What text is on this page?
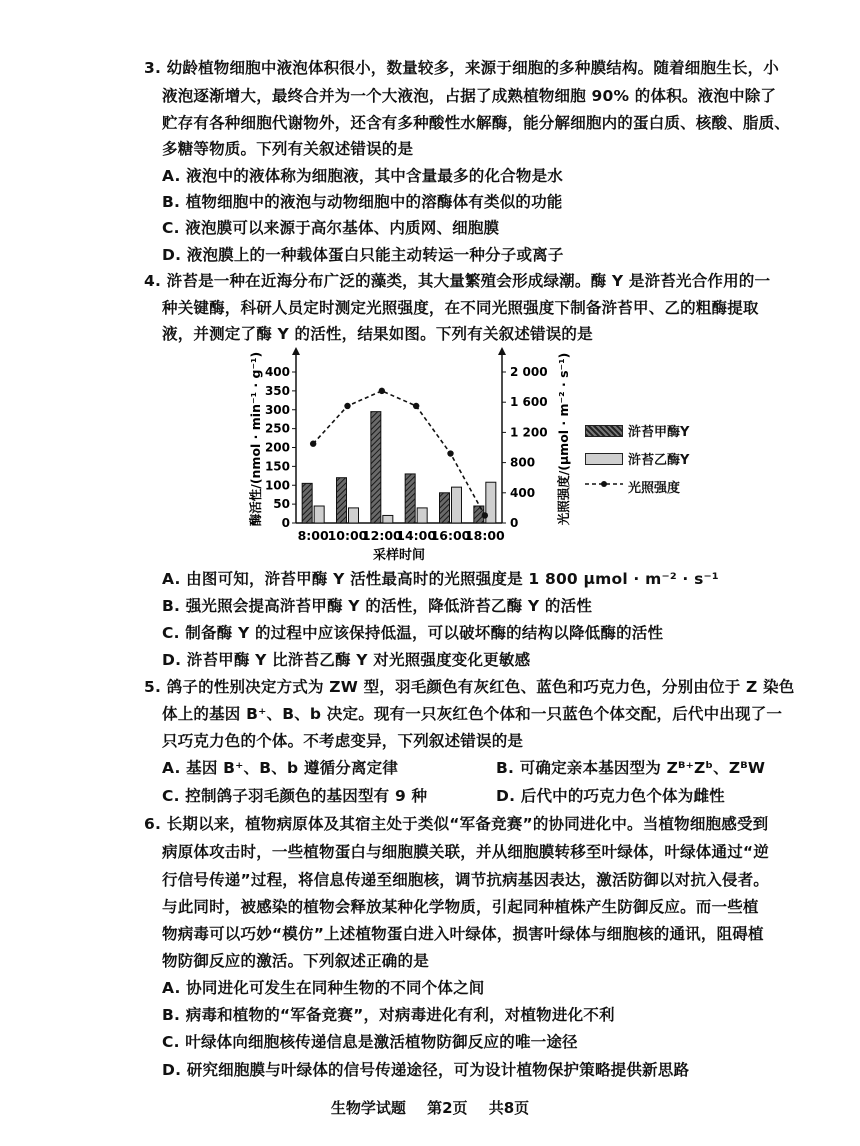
3. 幼龄植物细胞中液泡体积很小，数量较多，来源于细胞的多种膜结构。随着细胞生长，小
液泡逐渐增大，最终合并为一个大液泡，占据了成熟植物细胞 90% 的体积。液泡中除了
贮存有各种细胞代谢物外，还含有多种酸性水解酶，能分解细胞内的蛋白质、核酸、脂质、
多糖等物质。下列有关叙述错误的是
A. 液泡中的液体称为细胞液，其中含量最多的化合物是水
B. 植物细胞中的液泡与动物细胞中的溶酶体有类似的功能
C. 液泡膜可以来源于高尔基体、内质网、细胞膜
D. 液泡膜上的一种载体蛋白只能主动转运一种分子或离子
4. 浒苔是一种在近海分布广泛的藻类，其大量繁殖会形成绿潮。酶 Y 是浒苔光合作用的一
种关键酶，科研人员定时测定光照强度，在不同光照强度下制备浒苔甲、乙的粗酶提取
液，并测定了酶 Y 的活性，结果如图。下列有关叙述错误的是
0
50
100
150
200
250
300
350
400
0
400
800
1 200
1 600
2 000
8:00
10:00
12:00
14:00
16:00
18:00
采样时间
酶活性/(nmol · min⁻¹ · g⁻¹)	光照强度/(μmol · m⁻² · s⁻¹)	浒苔甲酶Y
浒苔乙酶Y
光照强度
A. 由图可知，浒苔甲酶 Y 活性最高时的光照强度是 1 800 μmol · m⁻² · s⁻¹
B. 强光照会提高浒苔甲酶 Y 的活性，降低浒苔乙酶 Y 的活性
C. 制备酶 Y 的过程中应该保持低温，可以破坏酶的结构以降低酶的活性
D. 浒苔甲酶 Y 比浒苔乙酶 Y 对光照强度变化更敏感
5. 鸽子的性别决定方式为 ZW 型，羽毛颜色有灰红色、蓝色和巧克力色，分别由位于 Z 染色
体上的基因 B⁺、B、b 决定。现有一只灰红色个体和一只蓝色个体交配，后代中出现了一
只巧克力色的个体。不考虑变异，下列叙述错误的是
A. 基因 B⁺、B、b 遵循分离定律	B. 可确定亲本基因型为 Zᴮ⁺Zᵇ、ZᴮW
C. 控制鸽子羽毛颜色的基因型有 9 种	D. 后代中的巧克力色个体为雌性
6. 长期以来，植物病原体及其宿主处于类似“军备竞赛”的协同进化中。当植物细胞感受到
病原体攻击时，一些植物蛋白与细胞膜关联，并从细胞膜转移至叶绿体，叶绿体通过“逆
行信号传递”过程，将信息传递至细胞核，调节抗病基因表达，激活防御以对抗入侵者。
与此同时，被感染的植物会释放某种化学物质，引起同种植株产生防御反应。而一些植
物病毒可以巧妙“模仿”上述植物蛋白进入叶绿体，损害叶绿体与细胞核的通讯，阻碍植
物防御反应的激活。下列叙述正确的是
A. 协同进化可发生在同种生物的不同个体之间
B. 病毒和植物的“军备竞赛”，对病毒进化有利，对植物进化不利
C. 叶绿体向细胞核传递信息是激活植物防御反应的唯一途径
D. 研究细胞膜与叶绿体的信号传递途径，可为设计植物保护策略提供新思路
生物学试题 第2页 共8页
